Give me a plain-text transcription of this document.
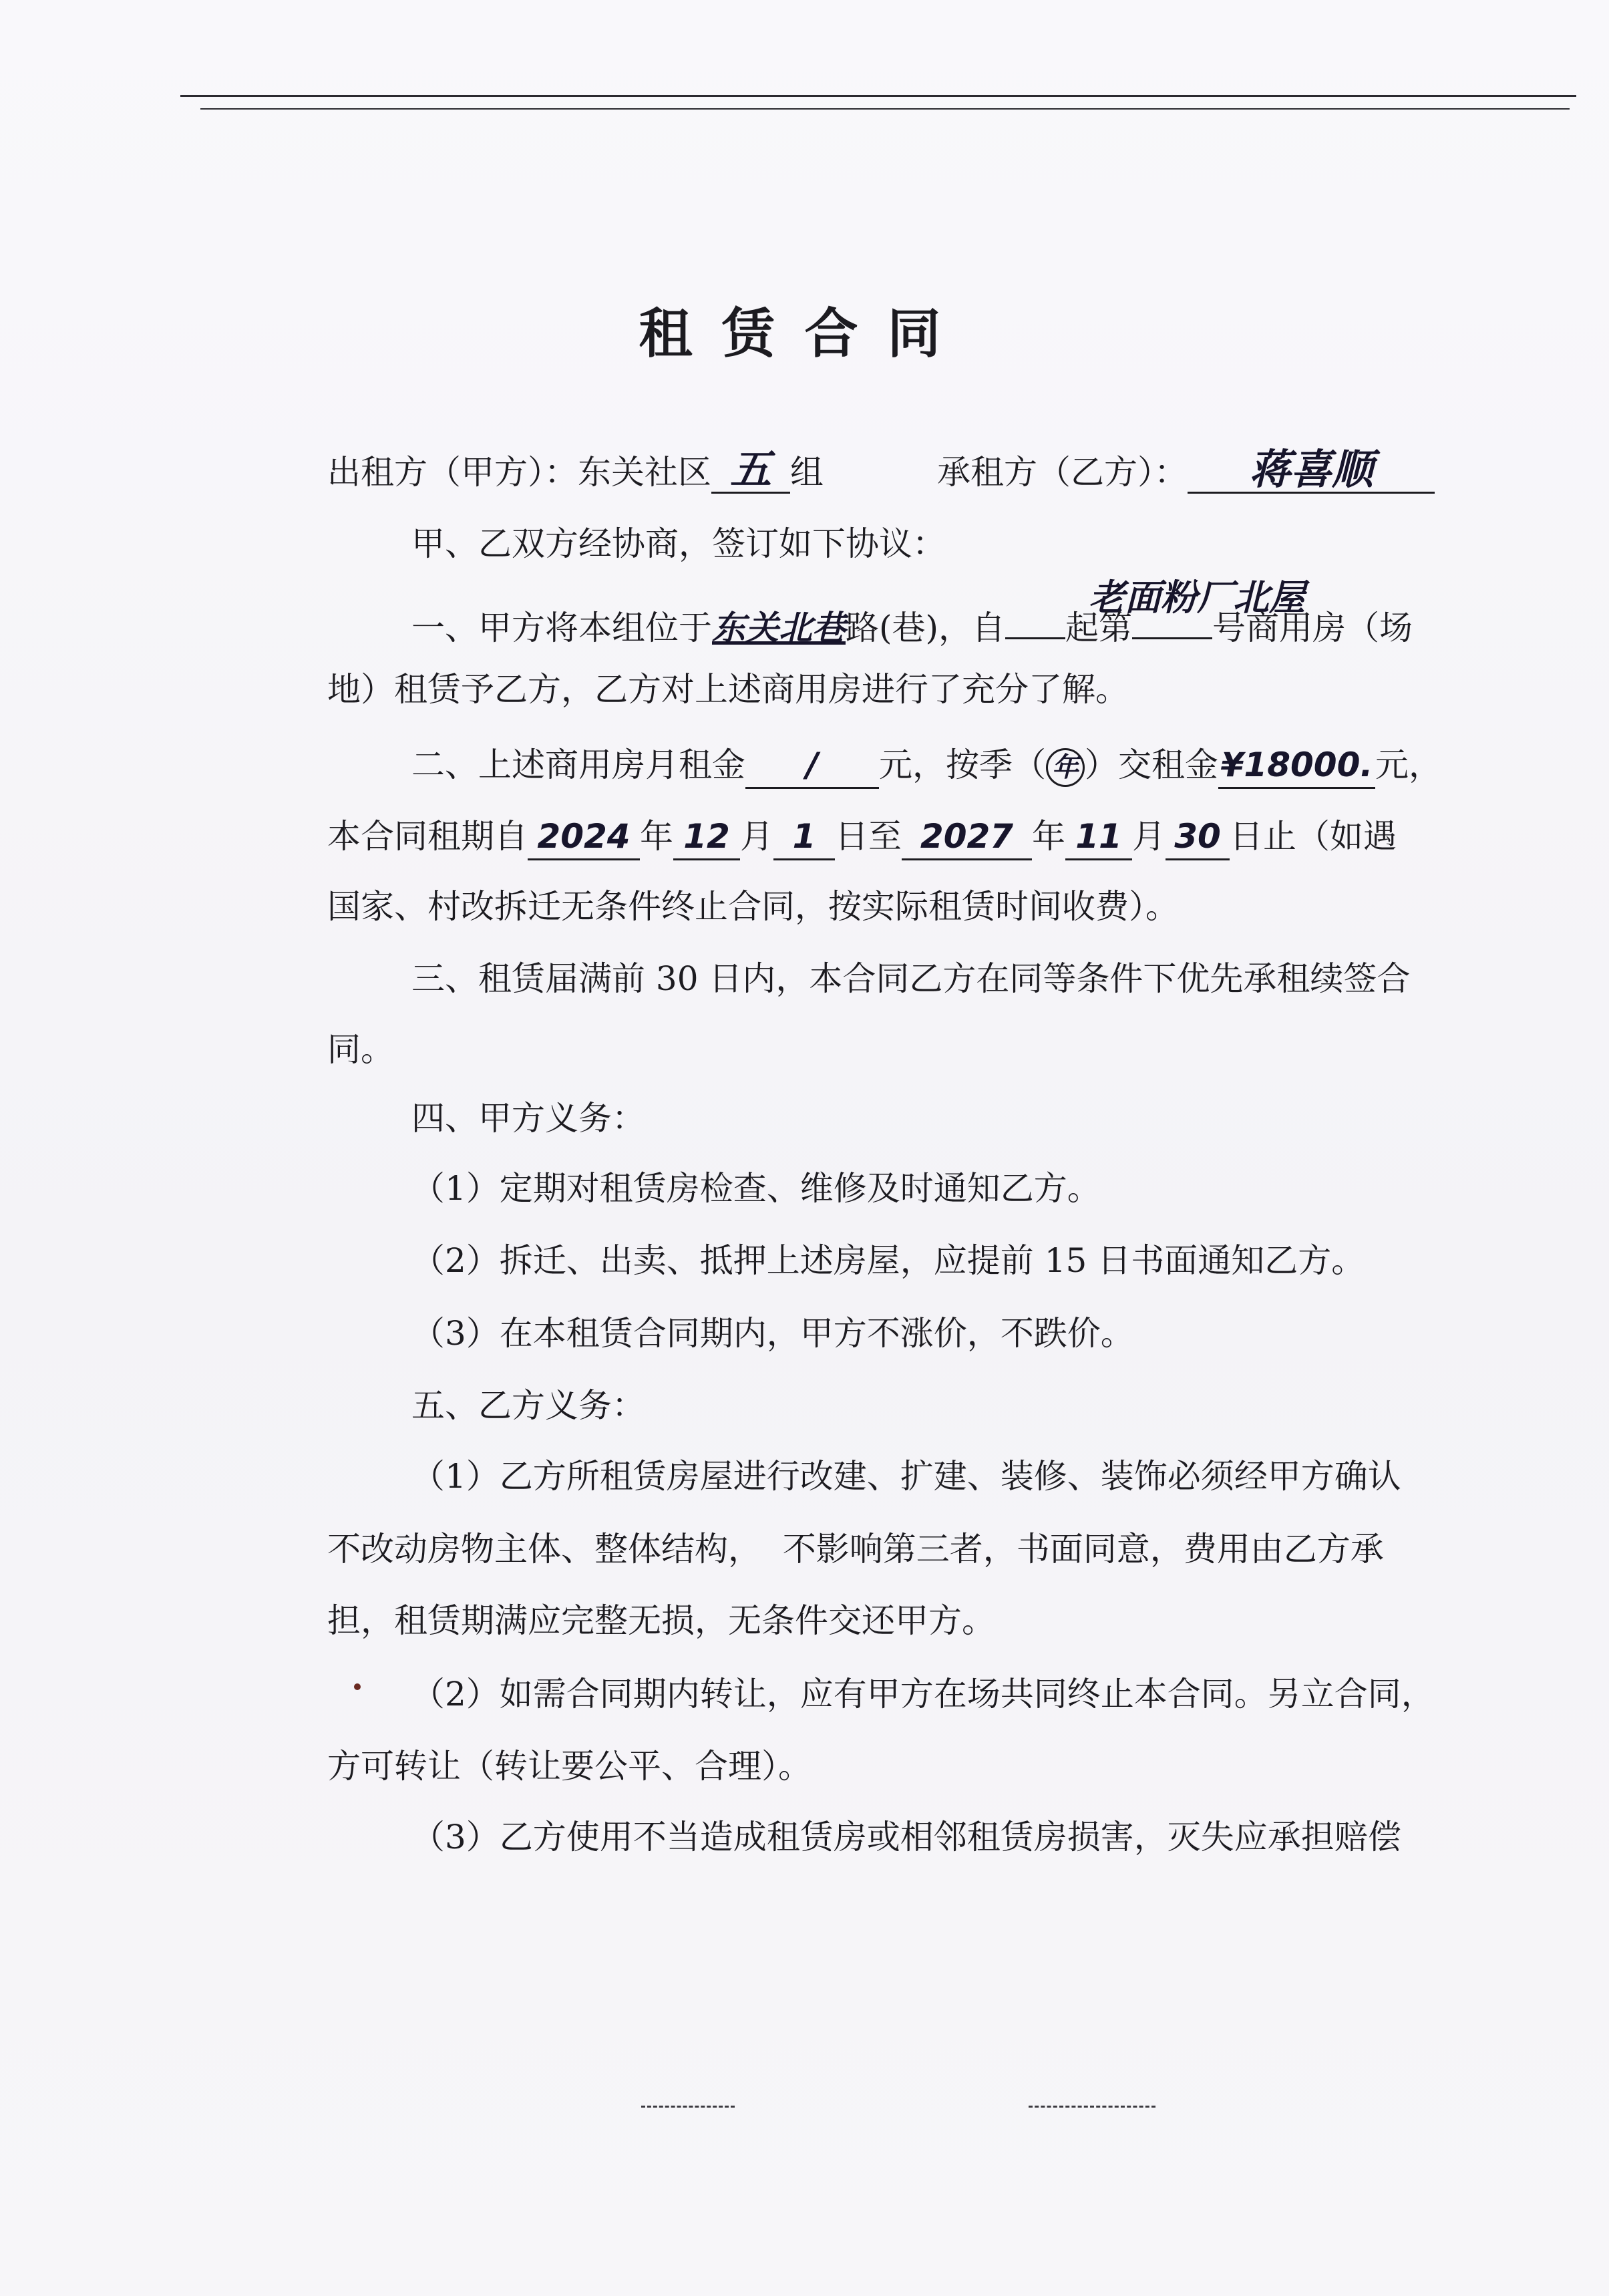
租赁合同
出租方（甲方）：东关社区 五 组	承租方（乙方）： 蒋喜顺
甲、乙双方经协商，签订如下协议：
老面粉厂北屋
一、甲方将本组位于东关北巷路(巷)，自 起第 号商用房（场
地）租赁予乙方，乙方对上述商用房进行了充分了解。
二、上述商用房月租金 / 元，按季（ 年 ）交租金¥18000.元，
本合同租期自 2024 年 12 月 1 日至 2027 年 11 月 30 日止（如遇
国家、村改拆迁无条件终止合同，按实际租赁时间收费）。
三、租赁届满前 30 日内，本合同乙方在同等条件下优先承租续签合
同。
四、甲方义务：
（1）定期对租赁房检查、维修及时通知乙方。
（2）拆迁、出卖、抵押上述房屋，应提前 15 日书面通知乙方。
（3）在本租赁合同期内，甲方不涨价，不跌价。
五、乙方义务：
（1）乙方所租赁房屋进行改建、扩建、装修、装饰必须经甲方确认
不改动房物主体、整体结构，  不影响第三者，书面同意，费用由乙方承
担，租赁期满应完整无损，无条件交还甲方。
（2）如需合同期内转让，应有甲方在场共同终止本合同。另立合同，
方可转让（转让要公平、合理）。
（3）乙方使用不当造成租赁房或相邻租赁房损害，灭失应承担赔偿
